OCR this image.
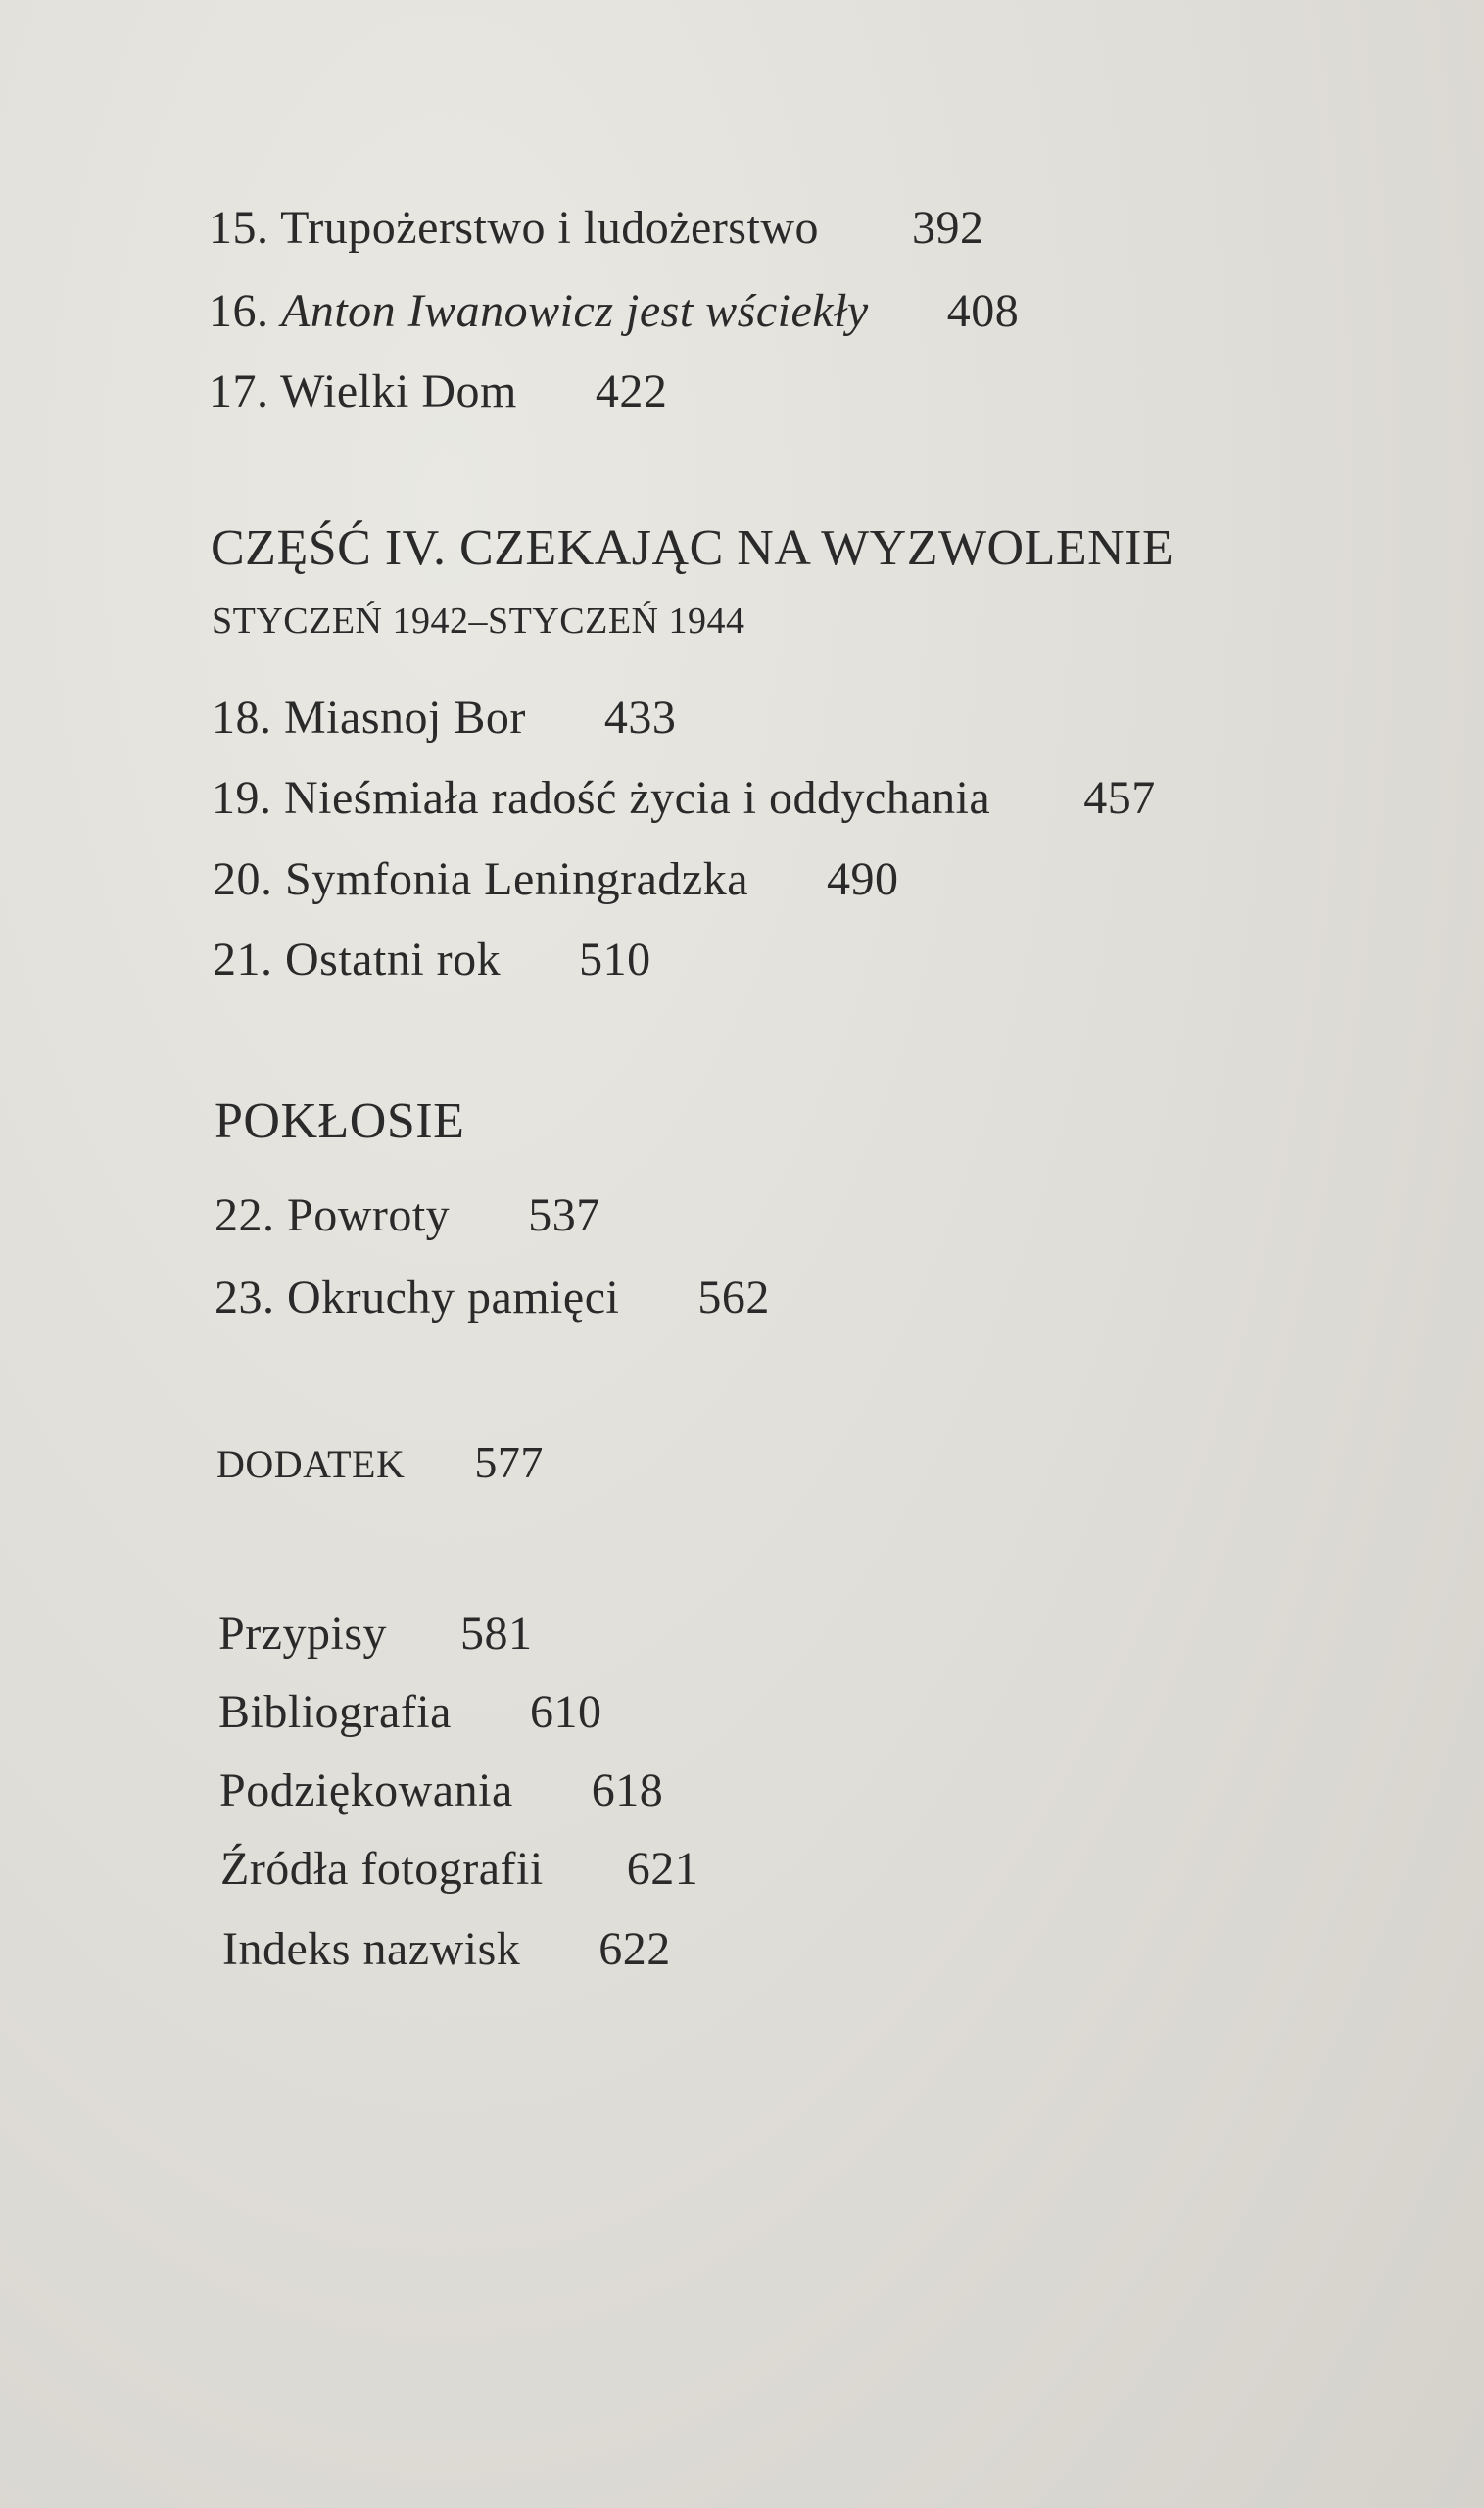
15. Trupożerstwo i ludożerstwo 392
16. Anton Iwanowicz jest wściekły 408
17. Wielki Dom 422
CZĘŚĆ IV. CZEKAJĄC NA WYZWOLENIE
STYCZEŃ 1942–STYCZEŃ 1944
18. Miasnoj Bor 433
19. Nieśmiała radość życia i oddychania 457
20. Symfonia Leningradzka 490
21. Ostatni rok 510
POKŁOSIE
22. Powroty 537
23. Okruchy pamięci 562
DODATEK 577
Przypisy 581
Bibliografia 610
Podziękowania 618
Źródła fotografii 621
Indeks nazwisk 622
